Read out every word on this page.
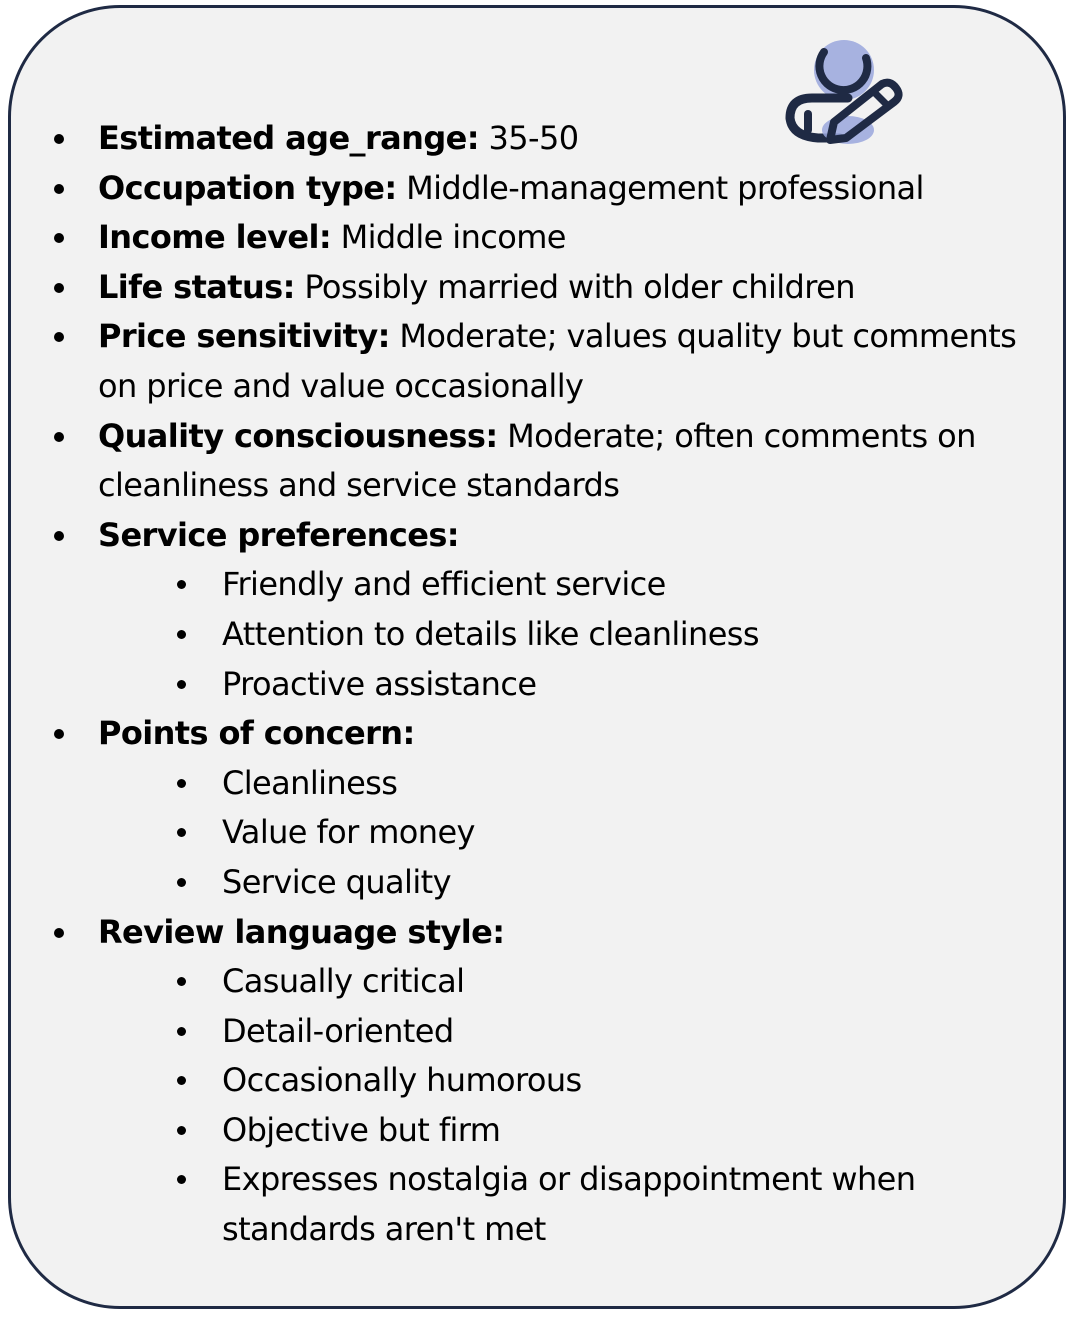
Estimated age_range: 35-50
Occupation type: Middle-management professional
Income level: Middle income
Life status: Possibly married with older children
Price sensitivity: Moderate; values quality but comments on price and value occasionally
Quality consciousness: Moderate; often comments on cleanliness and service standards
Service preferences:
Friendly and efficient service
Attention to details like cleanliness
Proactive assistance
Points of concern:
Cleanliness
Value for money
Service quality
Review language style:
Casually critical
Detail-oriented
Occasionally humorous
Objective but firm
Expresses nostalgia or disappointment when standards aren't met
